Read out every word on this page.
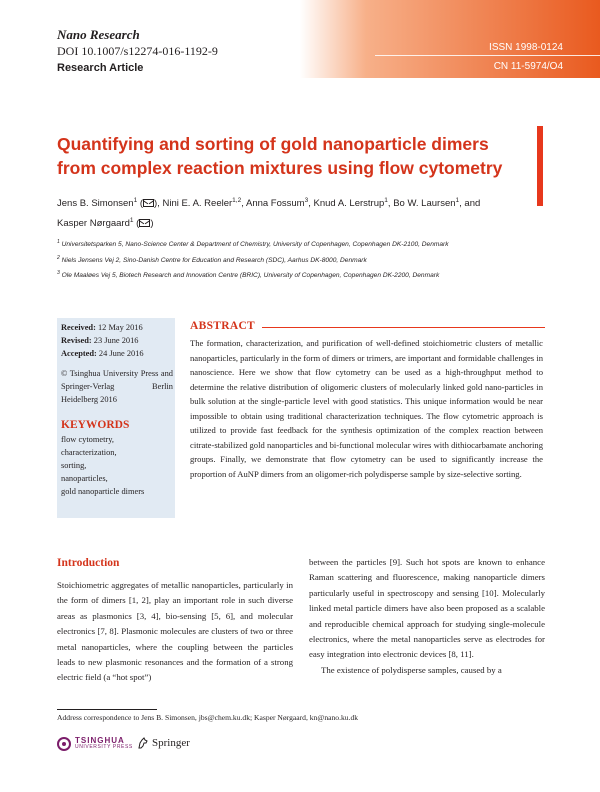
Nano Research
DOI 10.1007/s12274-016-1192-9
Research Article
ISSN 1998-0124
CN 11-5974/O4
Quantifying and sorting of gold nanoparticle dimers
from complex reaction mixtures using flow cytometry
Jens B. Simonsen$^1$ ( ), Nini E. A. Reeler$^{1,2}$, Anna Fossum$^3$, Knud A. Lerstrup$^1$, Bo W. Laursen$^1$, and
Kasper Nørgaard$^1$ ( )
$^1$ Universitetsparken 5, Nano-Science Center & Department of Chemistry, University of Copenhagen, Copenhagen DK-2100, Denmark
$^2$ Niels Jensens Vej 2, Sino-Danish Centre for Education and Research (SDC), Aarhus DK-8000, Denmark
$^3$ Ole Maaløes Vej 5, Biotech Research and Innovation Centre (BRIC), University of Copenhagen, Copenhagen DK-2200, Denmark
Received: 12 May 2016
Revised: 23 June 2016
Accepted: 24 June 2016
© Tsinghua University Press and Springer-Verlag Berlin Heidelberg 2016
KEYWORDS
flow cytometry,
characterization,
sorting,
nanoparticles,
gold nanoparticle dimers
ABSTRACT
The formation, characterization, and purification of well-defined stoichiometric clusters of metallic nanoparticles, particularly in the form of dimers or trimers, are important and formidable challenges in nanoscience. Here we show that flow cytometry can be used as a high-throughput method to determine the relative distribution of oligomeric clusters of molecularly linked gold nano-particles in bulk solution at the single-particle level with good statistics. This unique information would be near impossible to obtain using traditional characterization techniques. The flow cytometric approach is utilized to provide fast feedback for the synthesis optimization of the complex reaction between citrate-stabilized gold nanoparticles and bi-functional molecular wires with dithiocarbamate anchoring groups. Finally, we demonstrate that flow cytometry can be used to significantly increase the proportion of AuNP dimers from an oligomer-rich polydisperse sample by size-selective sorting.
Introduction
Stoichiometric aggregates of metallic nanoparticles, particularly in the form of dimers [1, 2], play an important role in such diverse areas as plasmonics [3, 4], bio-sensing [5, 6], and molecular electronics [7, 8]. Plasmonic molecules are clusters of two or three metal nanoparticles, where the coupling between the particles leads to new plasmonic resonances and the formation of a strong electric field (a “hot spot”)
between the particles [9]. Such hot spots are known to enhance Raman scattering and fluorescence, making nanoparticle dimers particularly useful in spectroscopy and sensing [10]. Molecularly linked metal particle dimers have also been proposed as a scalable and reproducible chemical approach for studying single-molecule electronics, where the metal nanoparticles serve as electrodes for easy integration into electronic devices [8, 11].
The existence of polydisperse samples, caused by a
Address correspondence to Jens B. Simonsen, jbs@chem.ku.dk; Kasper Nørgaard, kn@nano.ku.dk
TSINGHUA
UNIVERSITY PRESS Springer
